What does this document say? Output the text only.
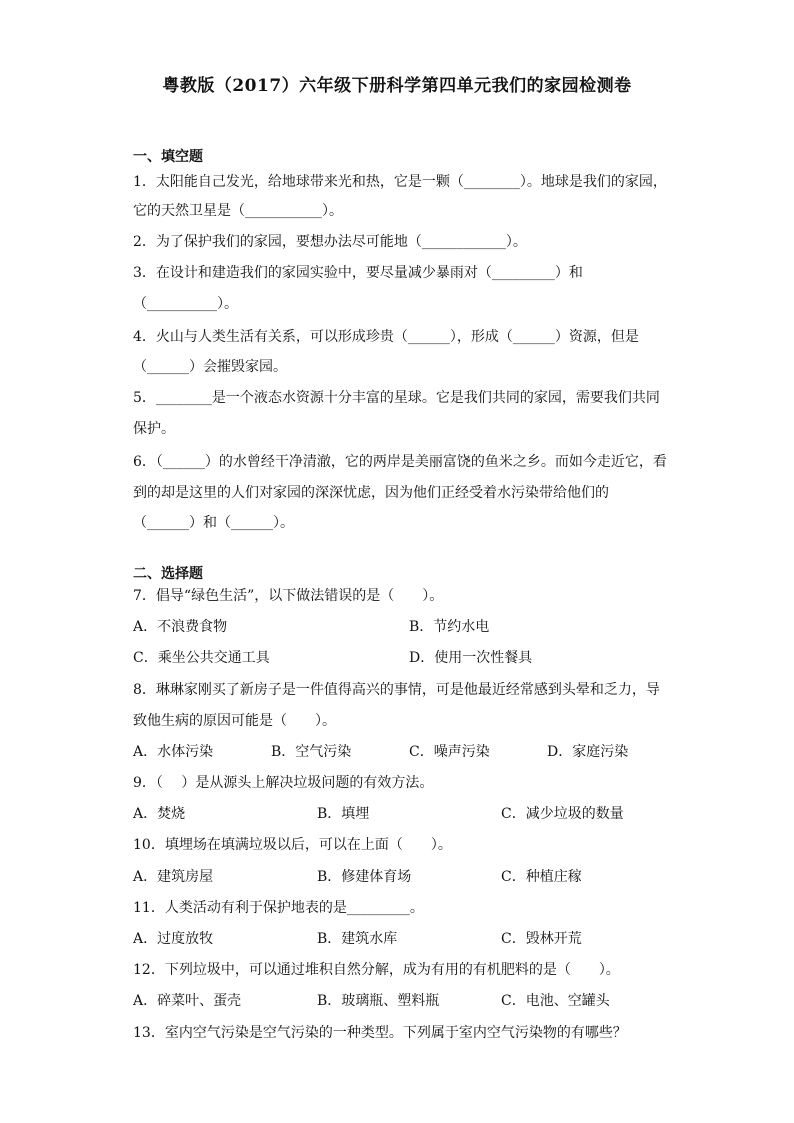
粤教版（2017）六年级下册科学第四单元我们的家园检测卷
一、填空题
1．太阳能自己发光，给地球带来光和热，它是一颗（________）。地球是我们的家园，
它的天然卫星是（___________）。
2．为了保护我们的家园，要想办法尽可能地（____________）。
3．在设计和建造我们的家园实验中，要尽量减少暴雨对（_________）和
（__________）。
4．火山与人类生活有关系，可以形成珍贵（______），形成（______）资源，但是
（______）会摧毁家园。
5．________是一个液态水资源十分丰富的星球。它是我们共同的家园，需要我们共同
保护。
6．（______）的水曾经干净清澈，它的两岸是美丽富饶的鱼米之乡。而如今走近它，看
到的却是这里的人们对家园的深深忧虑，因为他们正经受着水污染带给他们的
（______）和（______）。
二、选择题
7．倡导“绿色生活”，以下做法错误的是（　　）。
A．不浪费食物	B．节约水电
C．乘坐公共交通工具	D．使用一次性餐具
8．琳琳家刚买了新房子是一件值得高兴的事情，可是他最近经常感到头晕和乏力，导
致他生病的原因可能是（　　）。
A．水体污染	B．空气污染	C．噪声污染	D．家庭污染
9．（　 ）是从源头上解决垃圾问题的有效方法。
A．焚烧	B．填埋	C．减少垃圾的数量
10．填埋场在填满垃圾以后，可以在上面（　　）。
A．建筑房屋	B．修建体育场	C．种植庄稼
11．人类活动有利于保护地表的是_________。
A．过度放牧	B．建筑水库	C．毁林开荒
12．下列垃圾中，可以通过堆积自然分解，成为有用的有机肥料的是（　　）。
A．碎菜叶、蛋壳	B．玻璃瓶、塑料瓶	C．电池、空罐头
13．室内空气污染是空气污染的一种类型。下列属于室内空气污染物的有哪些？
